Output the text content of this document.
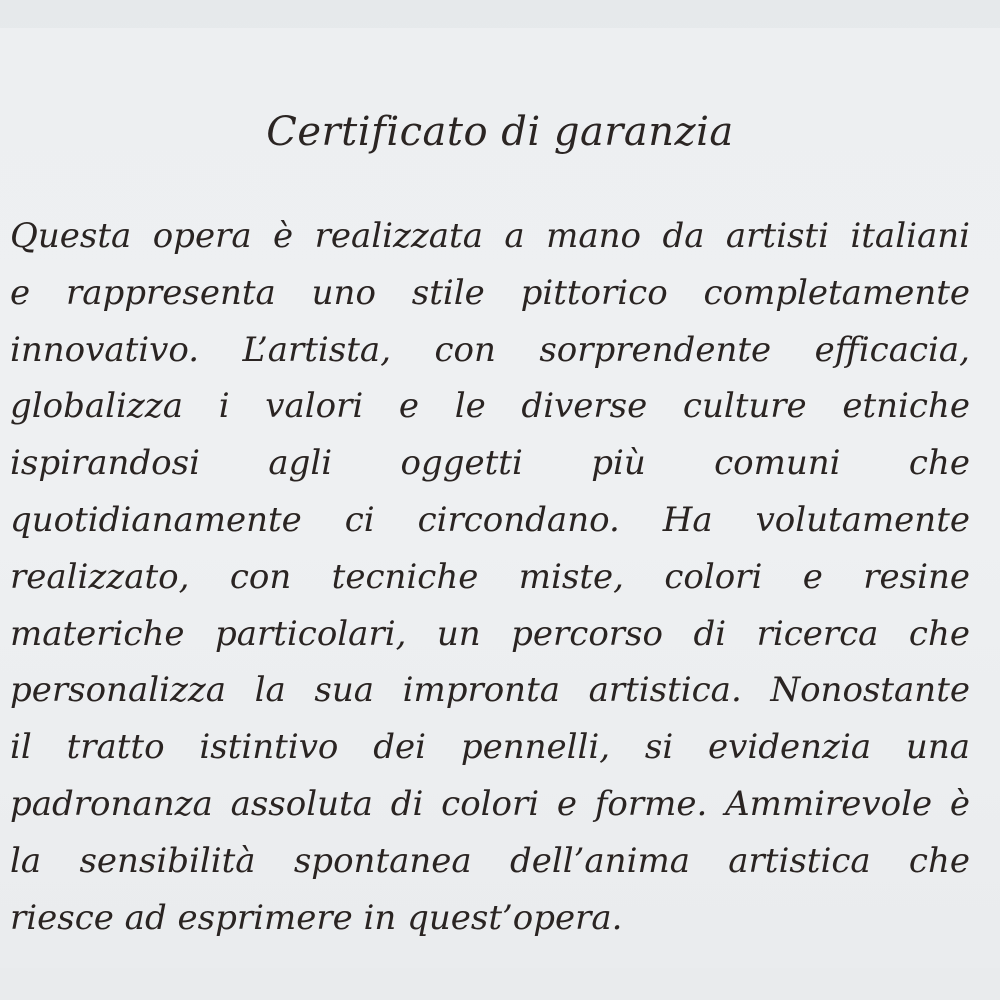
Certificato di garanzia
Questa opera è realizzata a mano da artisti italiani
e rappresenta uno stile pittorico completamente
innovativo. L’artista, con sorprendente efficacia,
globalizza i valori e le diverse culture etniche
ispirandosi agli oggetti più comuni che
quotidianamente ci circondano. Ha volutamente
realizzato, con tecniche miste, colori e resine
materiche particolari, un percorso di ricerca che
personalizza la sua impronta artistica. Nonostante
il tratto istintivo dei pennelli, si evidenzia una
padronanza assoluta di colori e forme. Ammirevole è
la sensibilità spontanea dell’anima artistica che
riesce ad esprimere in quest’opera.
